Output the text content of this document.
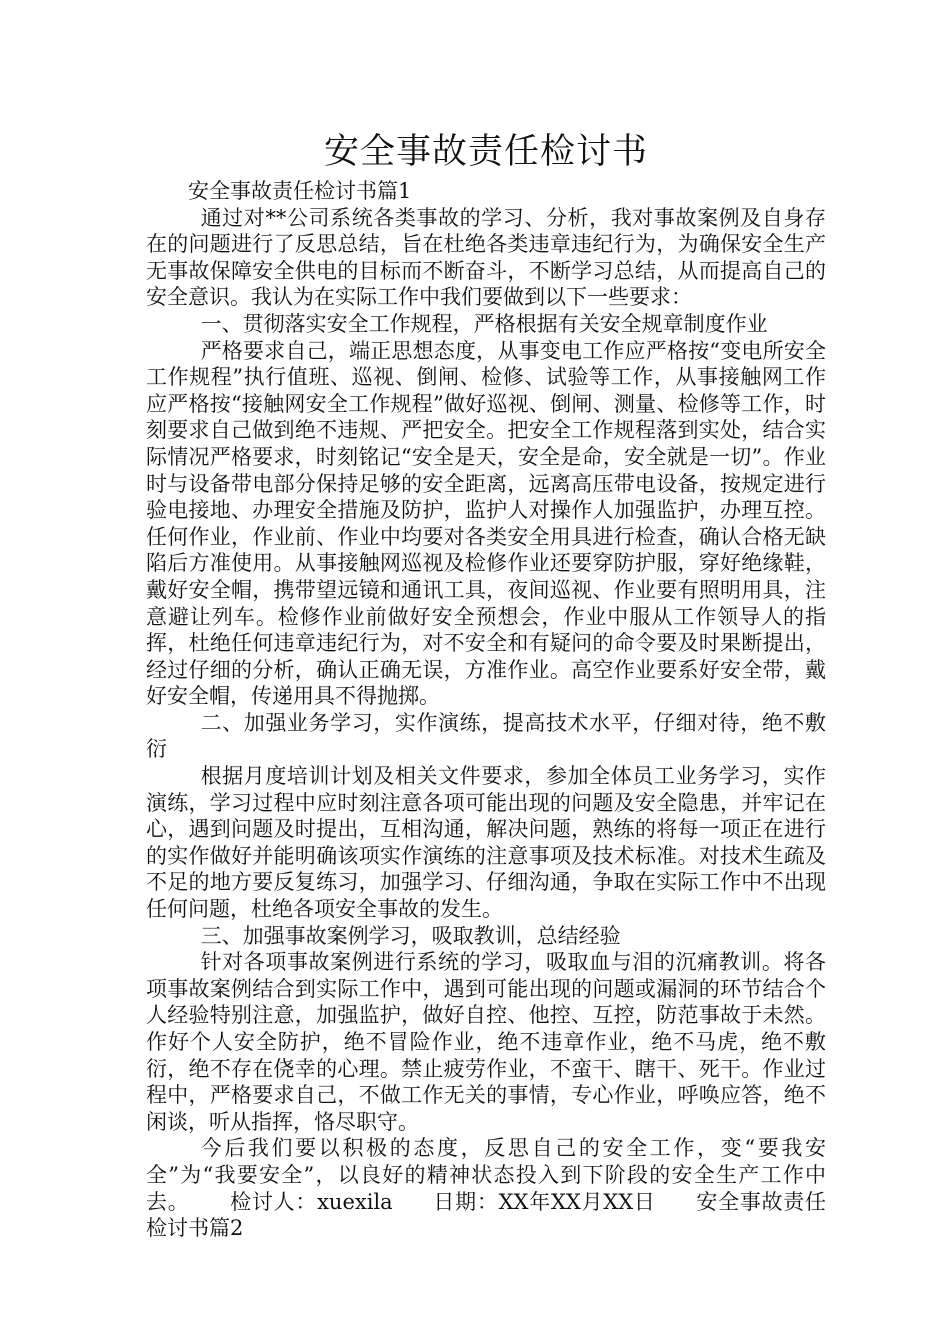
安全事故责任检讨书

安全事故责任检讨书篇1

通过对**公司系统各类事故的学习、分析，我对事故案例及自身存在的问题进行了反思总结，旨在杜绝各类违章违纪行为，为确保安全生产无事故保障安全供电的目标而不断奋斗，不断学习总结，从而提高自己的安全意识。我认为在实际工作中我们要做到以下一些要求：

一、贯彻落实安全工作规程，严格根据有关安全规章制度作业

严格要求自己，端正思想态度，从事变电工作应严格按“变电所安全工作规程”执行值班、巡视、倒闸、检修、试验等工作，从事接触网工作应严格按“接触网安全工作规程”做好巡视、倒闸、测量、检修等工作，时刻要求自己做到绝不违规、严把安全。把安全工作规程落到实处，结合实际情况严格要求，时刻铭记“安全是天，安全是命，安全就是一切”。作业时与设备带电部分保持足够的安全距离，远离高压带电设备，按规定进行验电接地、办理安全措施及防护，监护人对操作人加强监护，办理互控。任何作业，作业前、作业中均要对各类安全用具进行检查，确认合格无缺陷后方准使用。从事接触网巡视及检修作业还要穿防护服，穿好绝缘鞋，戴好安全帽，携带望远镜和通讯工具，夜间巡视、作业要有照明用具，注意避让列车。检修作业前做好安全预想会，作业中服从工作领导人的指挥，杜绝任何违章违纪行为，对不安全和有疑问的命令要及时果断提出，经过仔细的分析，确认正确无误，方准作业。高空作业要系好安全带，戴好安全帽，传递用具不得抛掷。

二、加强业务学习，实作演练，提高技术水平，仔细对待，绝不敷衍

根据月度培训计划及相关文件要求，参加全体员工业务学习，实作演练，学习过程中应时刻注意各项可能出现的问题及安全隐患，并牢记在心，遇到问题及时提出，互相沟通，解决问题，熟练的将每一项正在进行的实作做好并能明确该项实作演练的注意事项及技术标准。对技术生疏及不足的地方要反复练习，加强学习、仔细沟通，争取在实际工作中不出现任何问题，杜绝各项安全事故的发生。

三、加强事故案例学习，吸取教训，总结经验

针对各项事故案例进行系统的学习，吸取血与泪的沉痛教训。将各项事故案例结合到实际工作中，遇到可能出现的问题或漏洞的环节结合个人经验特别注意，加强监护，做好自控、他控、互控，防范事故于未然。作好个人安全防护，绝不冒险作业，绝不违章作业，绝不马虎，绝不敷衍，绝不存在侥幸的心理。禁止疲劳作业，不蛮干、瞎干、死干。作业过程中，严格要求自己，不做工作无关的事情，专心作业，呼唤应答，绝不闲谈，听从指挥，恪尽职守。

今后我们要以积极的态度，反思自己的安全工作，变“要我安全”为“我要安全”，以良好的精神状态投入到下阶段的安全生产工作中去。 检讨人：xuexila 日期：XX年XX月XX日 安全事故责任检讨书篇2
